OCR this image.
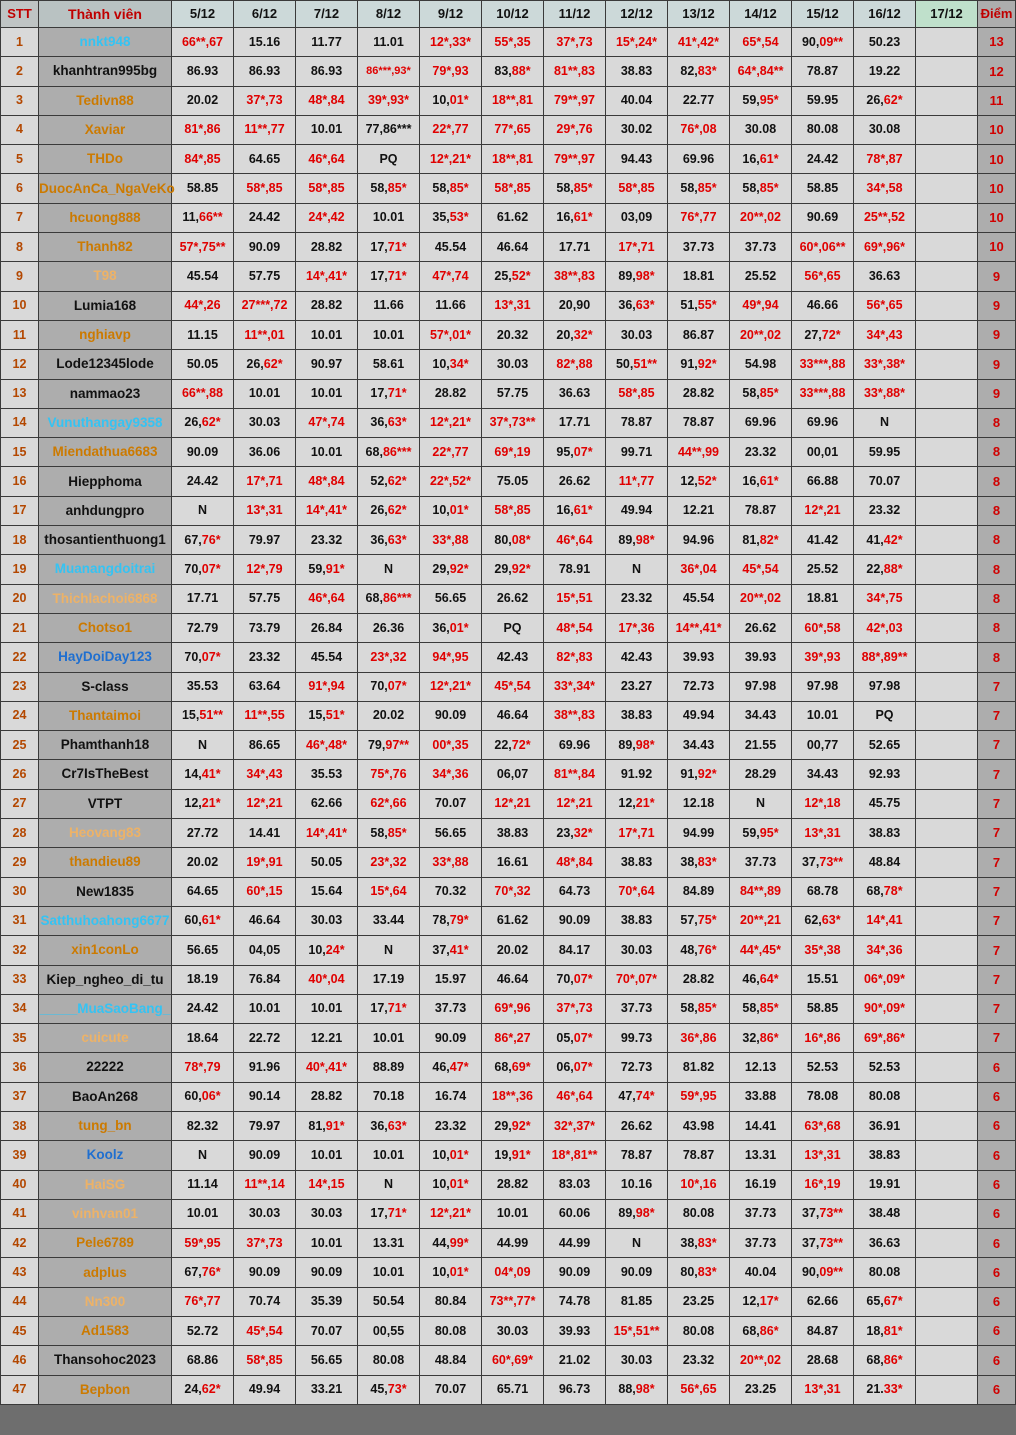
STT	Thành viên	5/12	6/12	7/12	8/12	9/12	10/12	11/12	12/12	13/12	14/12	15/12	16/12	17/12	Điểm
1	nnkt948	66**,67	15.16	11.77	11.01	12*,33*	55*,35	37*,73	15*,24*	41*,42*	65*,54	90,09**	50.23		13
2	khanhtran995bg	86.93	86.93	86.93	86***,93*	79*,93	83,88*	81**,83	38.83	82,83*	64*,84**	78.87	19.22		12
3	Tedivn88	20.02	37*,73	48*,84	39*,93*	10,01*	18**,81	79**,97	40.04	22.77	59,95*	59.95	26,62*		11
4	Xaviar	81*,86	11**,77	10.01	77,86***	22*,77	77*,65	29*,76	30.02	76*,08	30.08	80.08	30.08		10
5	THDo	84*,85	64.65	46*,64	PQ	12*,21*	18**,81	79**,97	94.43	69.96	16,61*	24.42	78*,87		10
6	DuocAnCa_NgaVeKo	58.85	58*,85	58*,85	58,85*	58,85*	58*,85	58,85*	58*,85	58,85*	58,85*	58.85	34*,58		10
7	hcuong888	11,66**	24.42	24*,42	10.01	35,53*	61.62	16,61*	03,09	76*,77	20**,02	90.69	25**,52		10
8	Thanh82	57*,75**	90.09	28.82	17,71*	45.54	46.64	17.71	17*,71	37.73	37.73	60*,06**	69*,96*		10
9	T98	45.54	57.75	14*,41*	17,71*	47*,74	25,52*	38**,83	89,98*	18.81	25.52	56*,65	36.63		9
10	Lumia168	44*,26	27***,72	28.82	11.66	11.66	13*,31	20,90	36,63*	51,55*	49*,94	46.66	56*,65		9
11	nghiavp	11.15	11**,01	10.01	10.01	57*,01*	20.32	20,32*	30.03	86.87	20**,02	27,72*	34*,43		9
12	Lode12345lode	50.05	26,62*	90.97	58.61	10,34*	30.03	82*,88	50,51**	91,92*	54.98	33***,88	33*,38*		9
13	nammao23	66**,88	10.01	10.01	17,71*	28.82	57.75	36.63	58*,85	28.82	58,85*	33***,88	33*,88*		9
14	Vunuthangay9358	26,62*	30.03	47*,74	36,63*	12*,21*	37*,73**	17.71	78.87	78.87	69.96	69.96	N		8
15	Miendathua6683	90.09	36.06	10.01	68,86***	22*,77	69*,19	95,07*	99.71	44**,99	23.32	00,01	59.95		8
16	Hiepphoma	24.42	17*,71	48*,84	52,62*	22*,52*	75.05	26.62	11*,77	12,52*	16,61*	66.88	70.07		8
17	anhdungpro	N	13*,31	14*,41*	26,62*	10,01*	58*,85	16,61*	49.94	12.21	78.87	12*,21	23.32		8
18	thosantienthuong1	67,76*	79.97	23.32	36,63*	33*,88	80,08*	46*,64	89,98*	94.96	81,82*	41.42	41,42*		8
19	Muanangdoitrai	70,07*	12*,79	59,91*	N	29,92*	29,92*	78.91	N	36*,04	45*,54	25.52	22,88*		8
20	Thichlachoi6868	17.71	57.75	46*,64	68,86***	56.65	26.62	15*,51	23.32	45.54	20**,02	18.81	34*,75		8
21	Chotso1	72.79	73.79	26.84	26.36	36,01*	PQ	48*,54	17*,36	14**,41*	26.62	60*,58	42*,03		8
22	HayDoiDay123	70,07*	23.32	45.54	23*,32	94*,95	42.43	82*,83	42.43	39.93	39.93	39*,93	88*,89**		8
23	S-class	35.53	63.64	91*,94	70,07*	12*,21*	45*,54	33*,34*	23.27	72.73	97.98	97.98	97.98		7
24	Thantaimoi	15,51**	11**,55	15,51*	20.02	90.09	46.64	38**,83	38.83	49.94	34.43	10.01	PQ		7
25	Phamthanh18	N	86.65	46*,48*	79,97**	00*,35	22,72*	69.96	89,98*	34.43	21.55	00,77	52.65		7
26	Cr7IsTheBest	14,41*	34*,43	35.53	75*,76	34*,36	06,07	81**,84	91.92	91,92*	28.29	34.43	92.93		7
27	VTPT	12,21*	12*,21	62.66	62*,66	70.07	12*,21	12*,21	12,21*	12.18	N	12*,18	45.75		7
28	Heovang83	27.72	14.41	14*,41*	58,85*	56.65	38.83	23,32*	17*,71	94.99	59,95*	13*,31	38.83		7
29	thandieu89	20.02	19*,91	50.05	23*,32	33*,88	16.61	48*,84	38.83	38,83*	37.73	37,73**	48.84		7
30	New1835	64.65	60*,15	15.64	15*,64	70.32	70*,32	64.73	70*,64	84.89	84**,89	68.78	68,78*		7
31	Satthuhoahong6677	60,61*	46.64	30.03	33.44	78,79*	61.62	90.09	38.83	57,75*	20**,21	62,63*	14*,41		7
32	xin1conLo	56.65	04,05	10,24*	N	37,41*	20.02	84.17	30.03	48,76*	44*,45*	35*,38	34*,36		7
33	Kiep_ngheo_di_tu	18.19	76.84	40*,04	17.19	15.97	46.64	70,07*	70*,07*	28.82	46,64*	15.51	06*,09*		7
34	_____MuaSaoBang_	24.42	10.01	10.01	17,71*	37.73	69*,96	37*,73	37.73	58,85*	58,85*	58.85	90*,09*		7
35	cuicute	18.64	22.72	12.21	10.01	90.09	86*,27	05,07*	99.73	36*,86	32,86*	16*,86	69*,86*		7
36	22222	78*,79	91.96	40*,41*	88.89	46,47*	68,69*	06,07*	72.73	81.82	12.13	52.53	52.53		6
37	BaoAn268	60,06*	90.14	28.82	70.18	16.74	18**,36	46*,64	47,74*	59*,95	33.88	78.08	80.08		6
38	tung_bn	82.32	79.97	81,91*	36,63*	23.32	29,92*	32*,37*	26.62	43.98	14.41	63*,68	36.91		6
39	Koolz	N	90.09	10.01	10.01	10,01*	19,91*	18*,81**	78.87	78.87	13.31	13*,31	38.83		6
40	HaiSG	11.14	11**,14	14*,15	N	10,01*	28.82	83.03	10.16	10*,16	16.19	16*,19	19.91		6
41	vinhvan01	10.01	30.03	30.03	17,71*	12*,21*	10.01	60.06	89,98*	80.08	37.73	37,73**	38.48		6
42	Pele6789	59*,95	37*,73	10.01	13.31	44,99*	44.99	44.99	N	38,83*	37.73	37,73**	36.63		6
43	adplus	67,76*	90.09	90.09	10.01	10,01*	04*,09	90.09	90.09	80,83*	40.04	90,09**	80.08		6
44	Nn300	76*,77	70.74	35.39	50.54	80.84	73**,77*	74.78	81.85	23.25	12,17*	62.66	65,67*		6
45	Ad1583	52.72	45*,54	70.07	00,55	80.08	30.03	39.93	15*,51**	80.08	68,86*	84.87	18,81*		6
46	Thansohoc2023	68.86	58*,85	56.65	80.08	48.84	60*,69*	21.02	30.03	23.32	20**,02	28.68	68,86*		6
47	Bepbon	24,62*	49.94	33.21	45,73*	70.07	65.71	96.73	88,98*	56*,65	23.25	13*,31	21.33*		6
